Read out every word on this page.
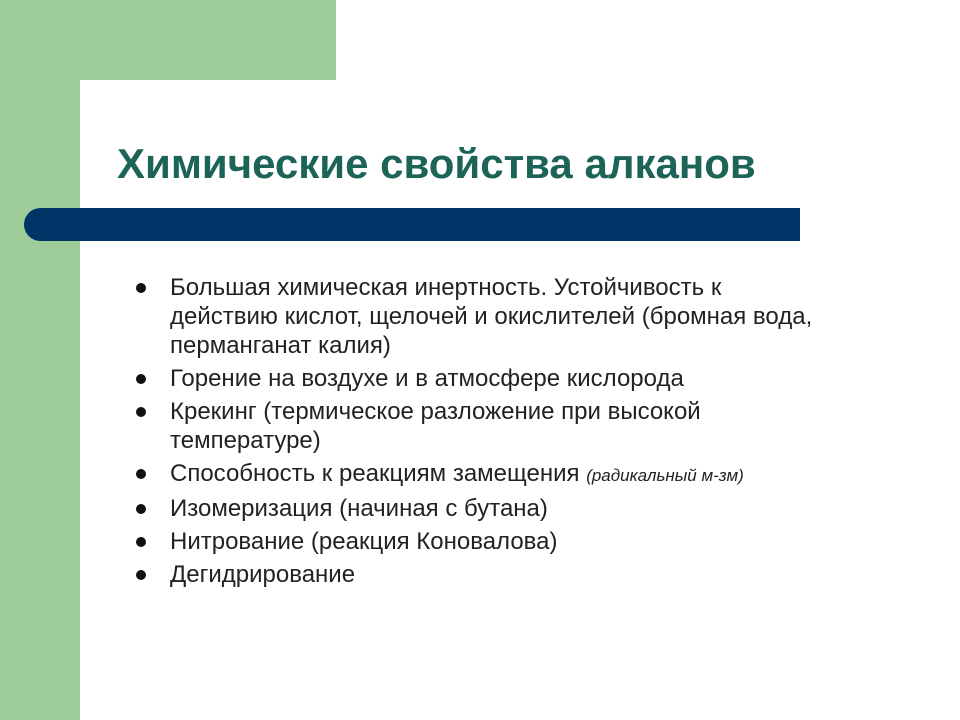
Химические свойства алканов
Большая химическая инертность. Устойчивость к действию кислот, щелочей и окислителей (бромная вода, перманганат калия)
Горение на воздухе и в атмосфере кислорода
Крекинг (термическое разложение при высокой температуре)
Способность к реакциям замещения (радикальный м-зм)
Изомеризация (начиная с бутана)
Нитрование (реакция Коновалова)
Дегидрирование
